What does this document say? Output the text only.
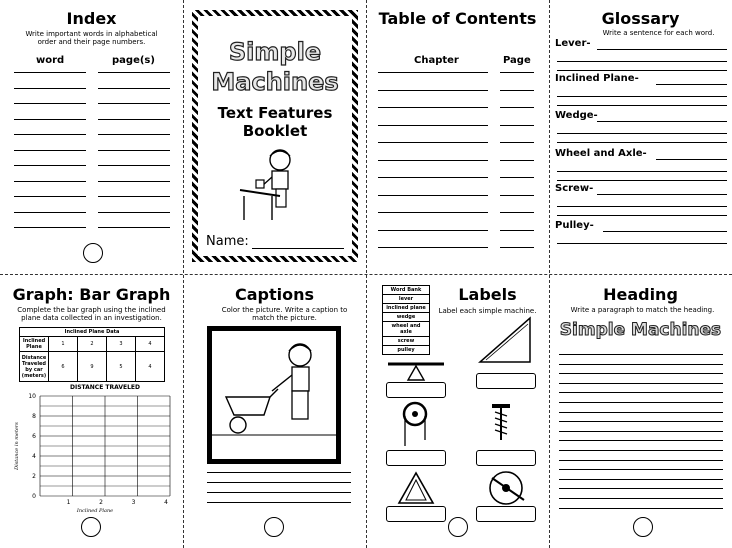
Index
Write important words in alphabetical order and their page numbers.
word	page(s)	Simple
Machines
Text Features
Booklet
Name:
Table of Contents
Chapter	Page
Glossary
Write a sentence for each word.
Lever-
Inclined Plane-
Wedge-
Wheel and Axle-
Screw-
Pulley-
Graph: Bar Graph
Complete the bar graph using the inclined plane data collected in an investigation.
Inclined Plane Data				
Inclined Plane	1	2	3	4
Distance Traveled by car (meters)	6	9	5	4
DISTANCE TRAVELED
0
2
4
6
8
10
1	2	3	4
Inclined Plane
Distance in meters
Captions
Color the picture. Write a caption to match the picture.
Labels
Label each simple machine.
Word Bank
lever
inclined plane
wedge
wheel and axle
screw
pulley
Heading
Write a paragraph to match the heading.
Simple Machines
